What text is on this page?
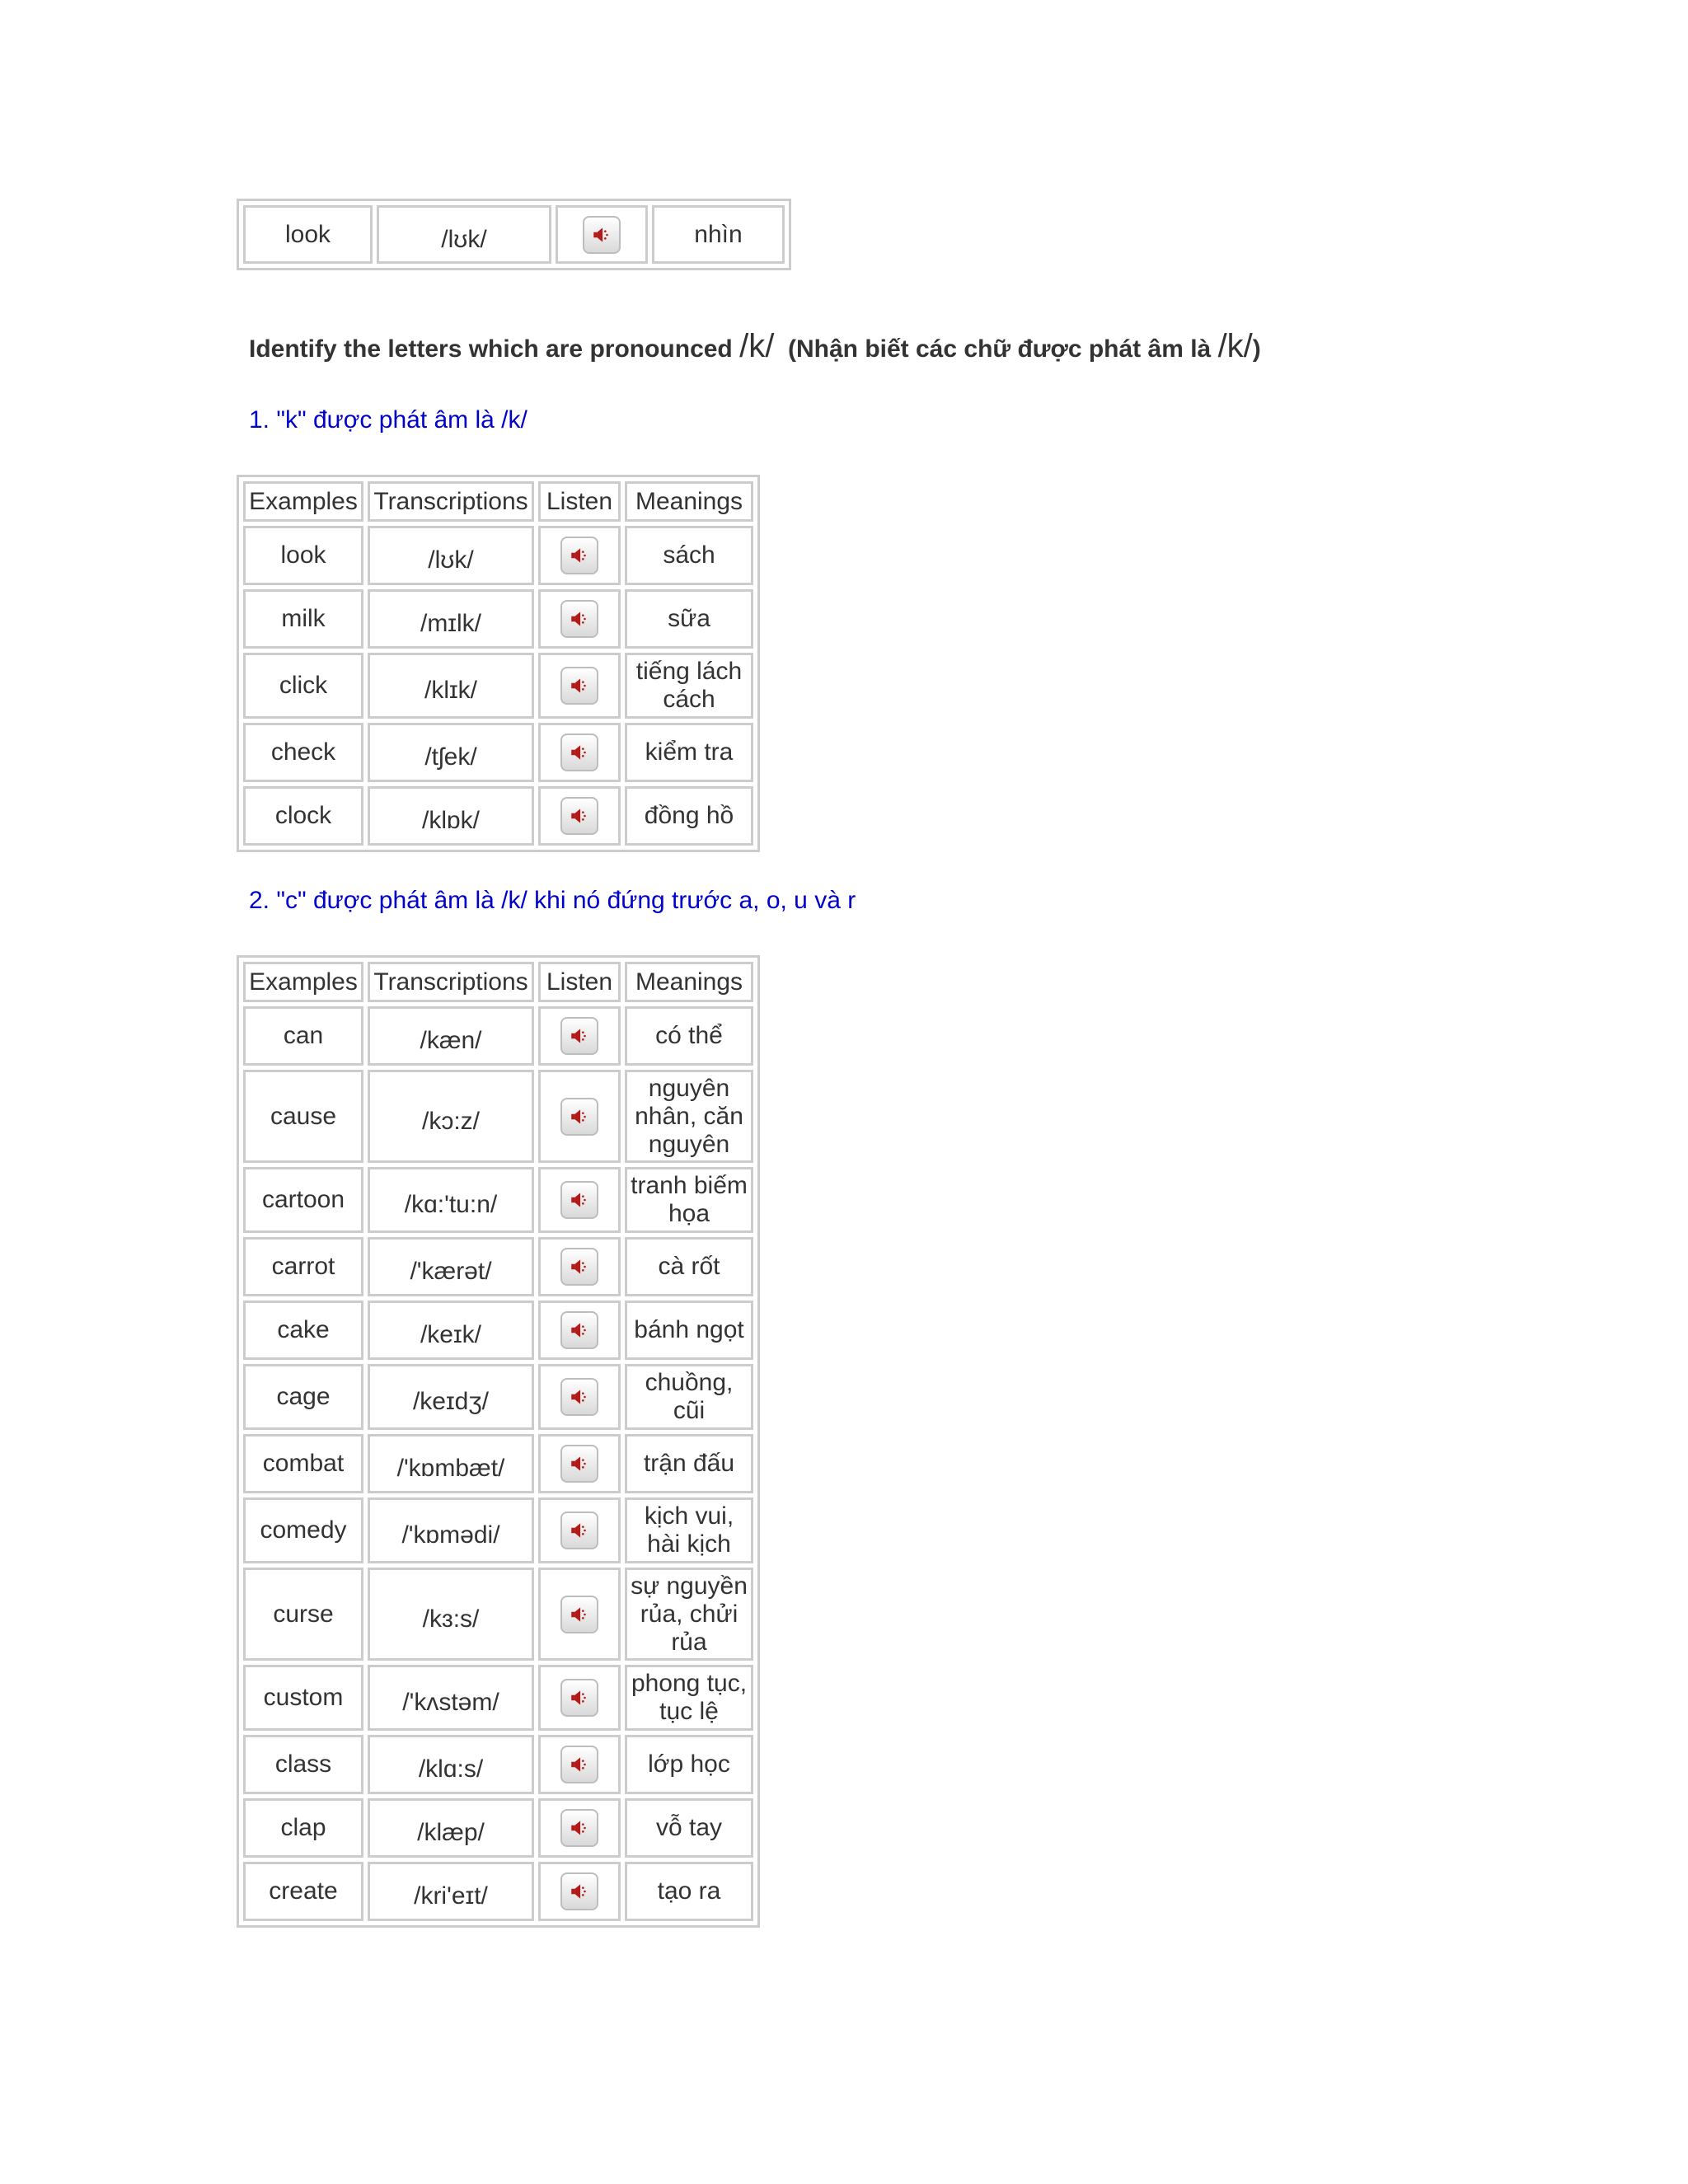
look	/lʊk/		nhìn
Identify the letters which are pronounced /k/ (Nhận biết các chữ được phát âm là /k/)
1. "k" được phát âm là /k/
Examples	Transcriptions	Listen	Meanings
look	/lʊk/		sách
milk	/mɪlk/		sữa
click	/klɪk/		tiếng lách cách
check	/tʃek/		kiểm tra
clock	/klɒk/		đồng hồ
2. "c" được phát âm là /k/ khi nó đứng trước a, o, u và r
Examples	Transcriptions	Listen	Meanings
can	/kæn/		có thể
cause	/kɔ:z/		nguyên nhân, căn nguyên
cartoon	/kɑ:'tu:n/		tranh biếm họa
carrot	/'kærət/		cà rốt
cake	/keɪk/		bánh ngọt
cage	/keɪdʒ/		chuồng, cũi
combat	/'kɒmbæt/		trận đấu
comedy	/'kɒmədi/		kịch vui, hài kịch
curse	/kɜ:s/		sự nguyền rủa, chửi rủa
custom	/'kʌstəm/		phong tục, tục lệ
class	/klɑ:s/		lớp học
clap	/klæp/		vỗ tay
create	/kri'eɪt/		tạo ra
